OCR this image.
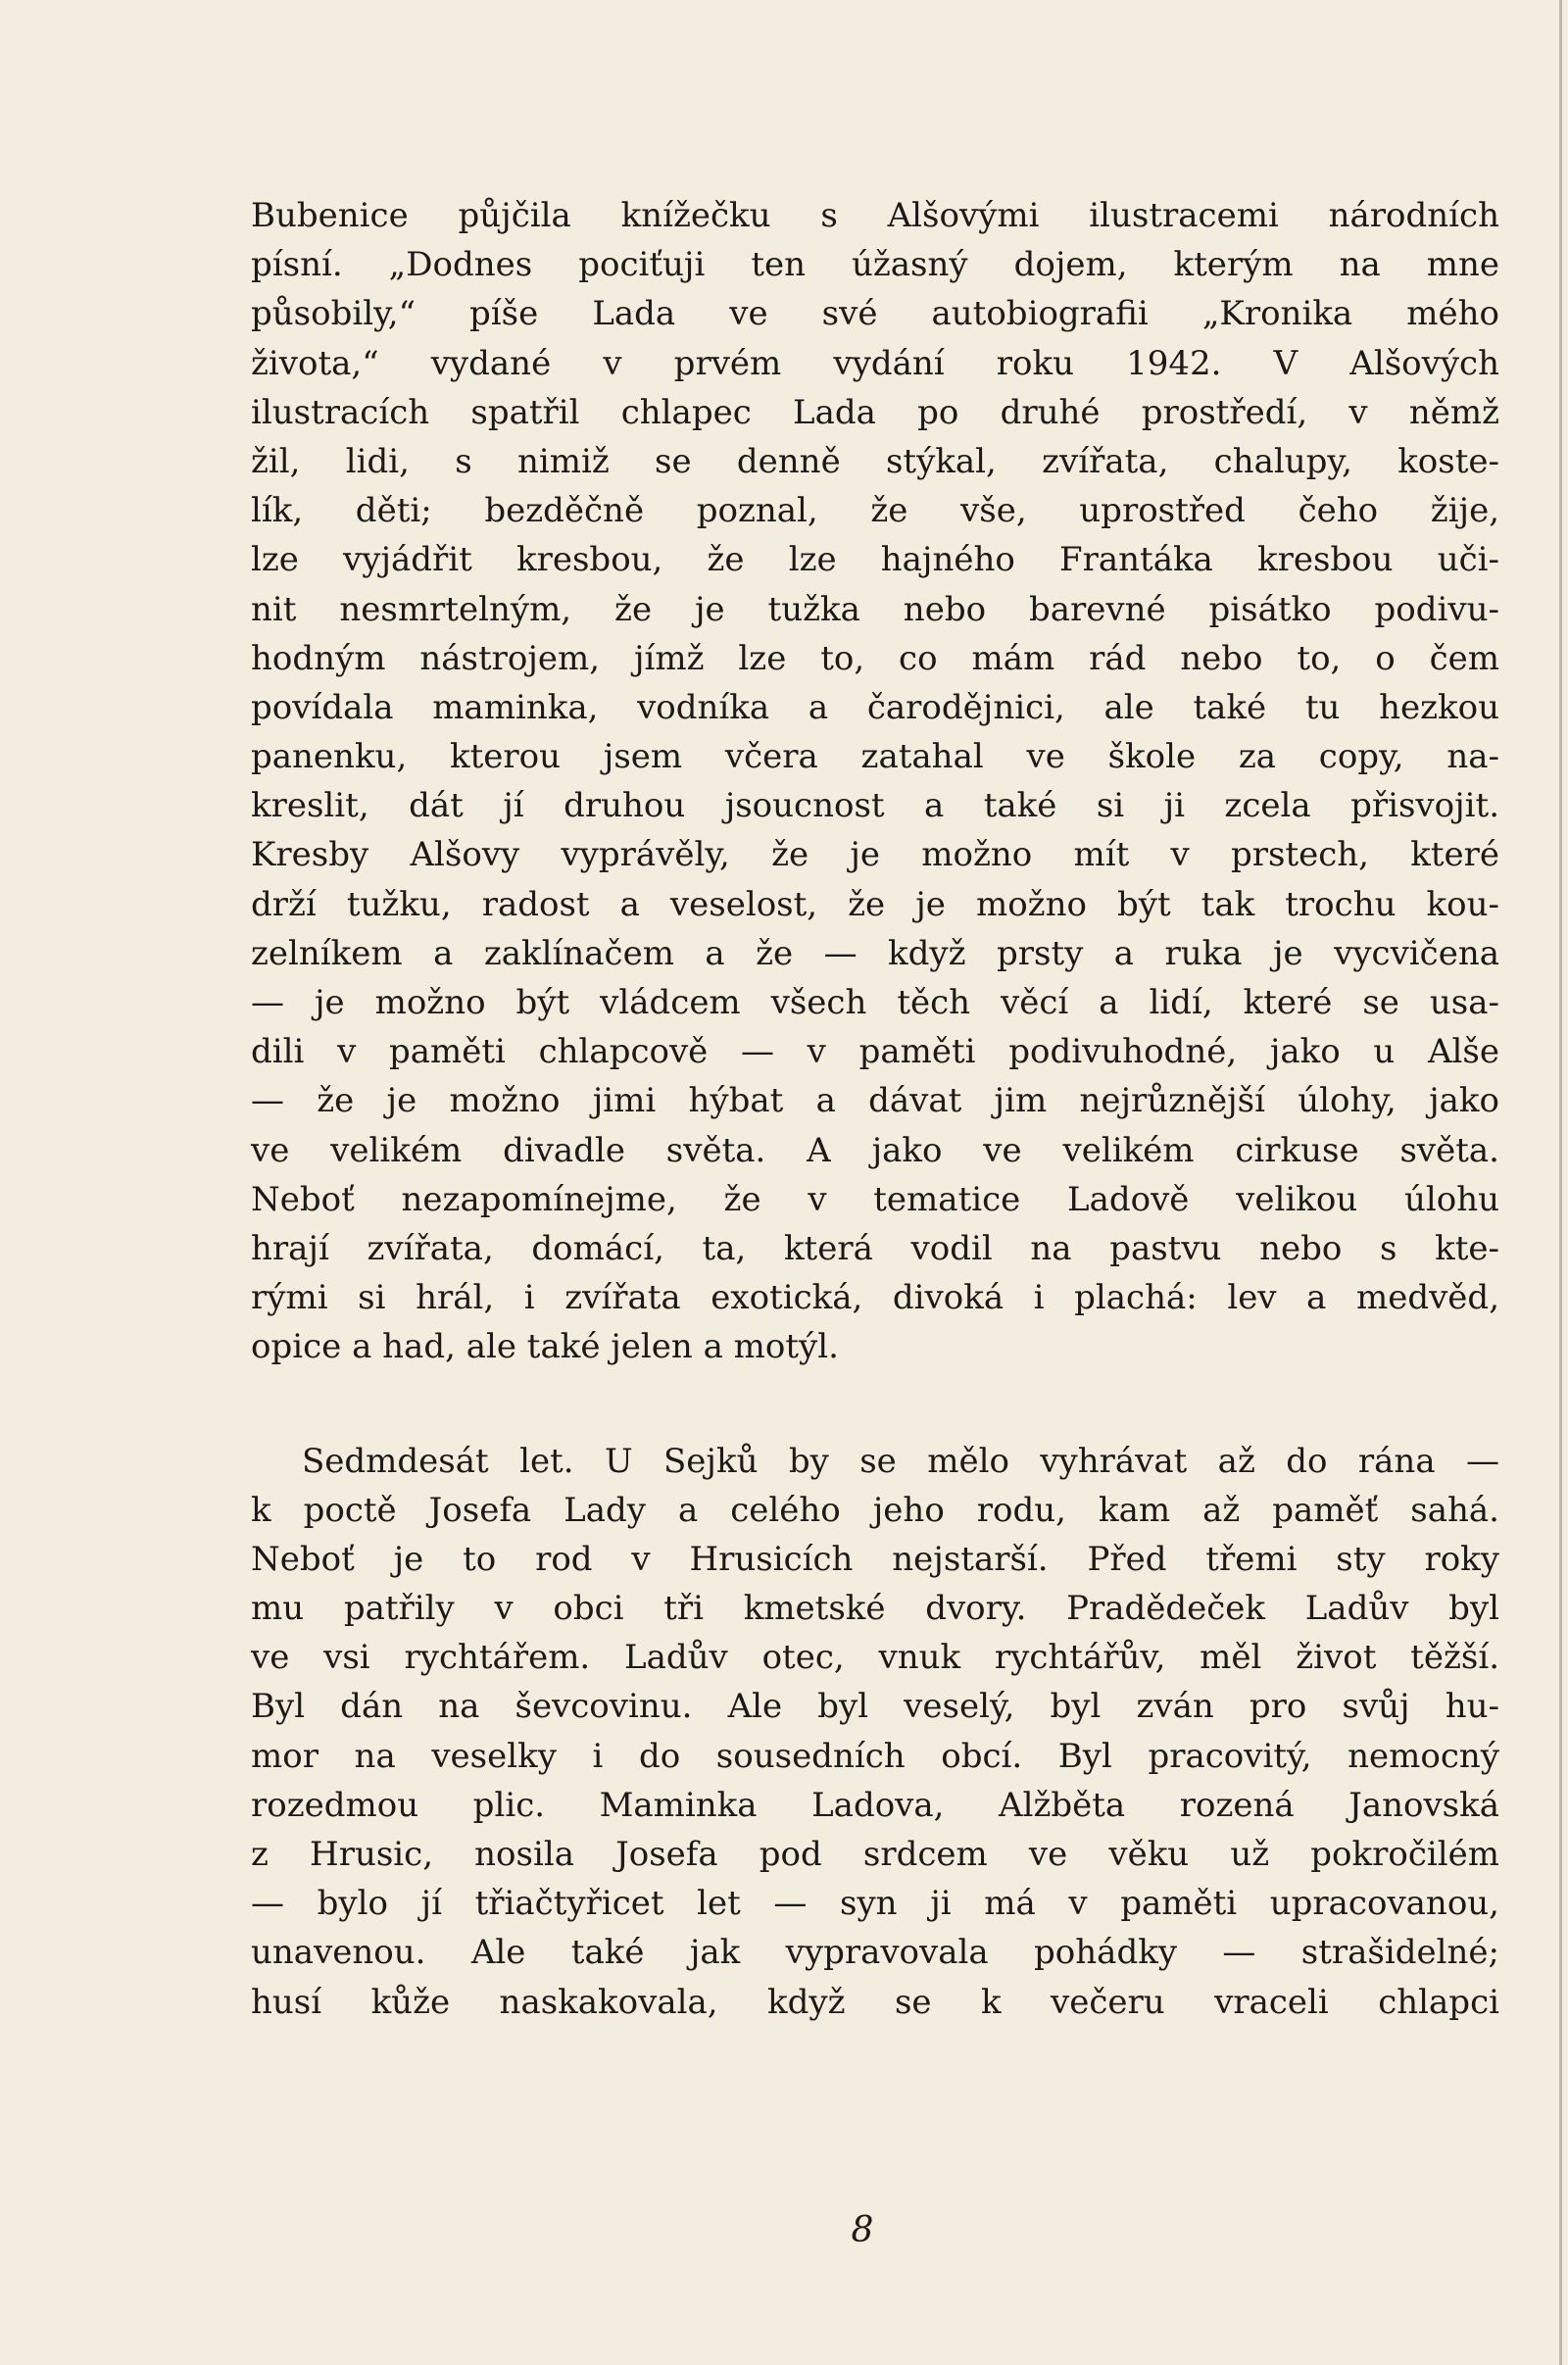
Bubenice půjčila knížečku s Alšovými ilustracemi národních
písní. „Dodnes pociťuji ten úžasný dojem, kterým na mne
působily,“ píše Lada ve své autobiografii „Kronika mého
života,“ vydané v prvém vydání roku 1942. V Alšových
ilustracích spatřil chlapec Lada po druhé prostředí, v němž
žil, lidi, s nimiž se denně stýkal, zvířata, chalupy, koste-
lík, děti; bezděčně poznal, že vše, uprostřed čeho žije,
lze vyjádřit kresbou, že lze hajného Frantáka kresbou uči-
nit nesmrtelným, že je tužka nebo barevné pisátko podivu-
hodným nástrojem, jímž lze to, co mám rád nebo to, o čem
povídala maminka, vodníka a čarodějnici, ale také tu hezkou
panenku, kterou jsem včera zatahal ve škole za copy, na-
kreslit, dát jí druhou jsoucnost a také si ji zcela přisvojit.
Kresby Alšovy vyprávěly, že je možno mít v prstech, které
drží tužku, radost a veselost, že je možno být tak trochu kou-
zelníkem a zaklínačem a že — když prsty a ruka je vycvičena
— je možno být vládcem všech těch věcí a lidí, které se usa-
dili v paměti chlapcově — v paměti podivuhodné, jako u Alše
— že je možno jimi hýbat a dávat jim nejrůznější úlohy, jako
ve velikém divadle světa. A jako ve velikém cirkuse světa.
Neboť nezapomínejme, že v tematice Ladově velikou úlohu
hrají zvířata, domácí, ta, která vodil na pastvu nebo s kte-
rými si hrál, i zvířata exotická, divoká i plachá: lev a medvěd,
opice a had, ale také jelen a motýl.
Sedmdesát let. U Sejků by se mělo vyhrávat až do rána —
k poctě Josefa Lady a celého jeho rodu, kam až paměť sahá.
Neboť je to rod v Hrusicích nejstarší. Před třemi sty roky
mu patřily v obci tři kmetské dvory. Pradědeček Ladův byl
ve vsi rychtářem. Ladův otec, vnuk rychtářův, měl život těžší.
Byl dán na ševcovinu. Ale byl veselý, byl zván pro svůj hu-
mor na veselky i do sousedních obcí. Byl pracovitý, nemocný
rozedmou plic. Maminka Ladova, Alžběta rozená Janovská
z Hrusic, nosila Josefa pod srdcem ve věku už pokročilém
— bylo jí třiačtyřicet let — syn ji má v paměti upracovanou,
unavenou. Ale také jak vypravovala pohádky — strašidelné;
husí kůže naskakovala, když se k večeru vraceli chlapci
8
